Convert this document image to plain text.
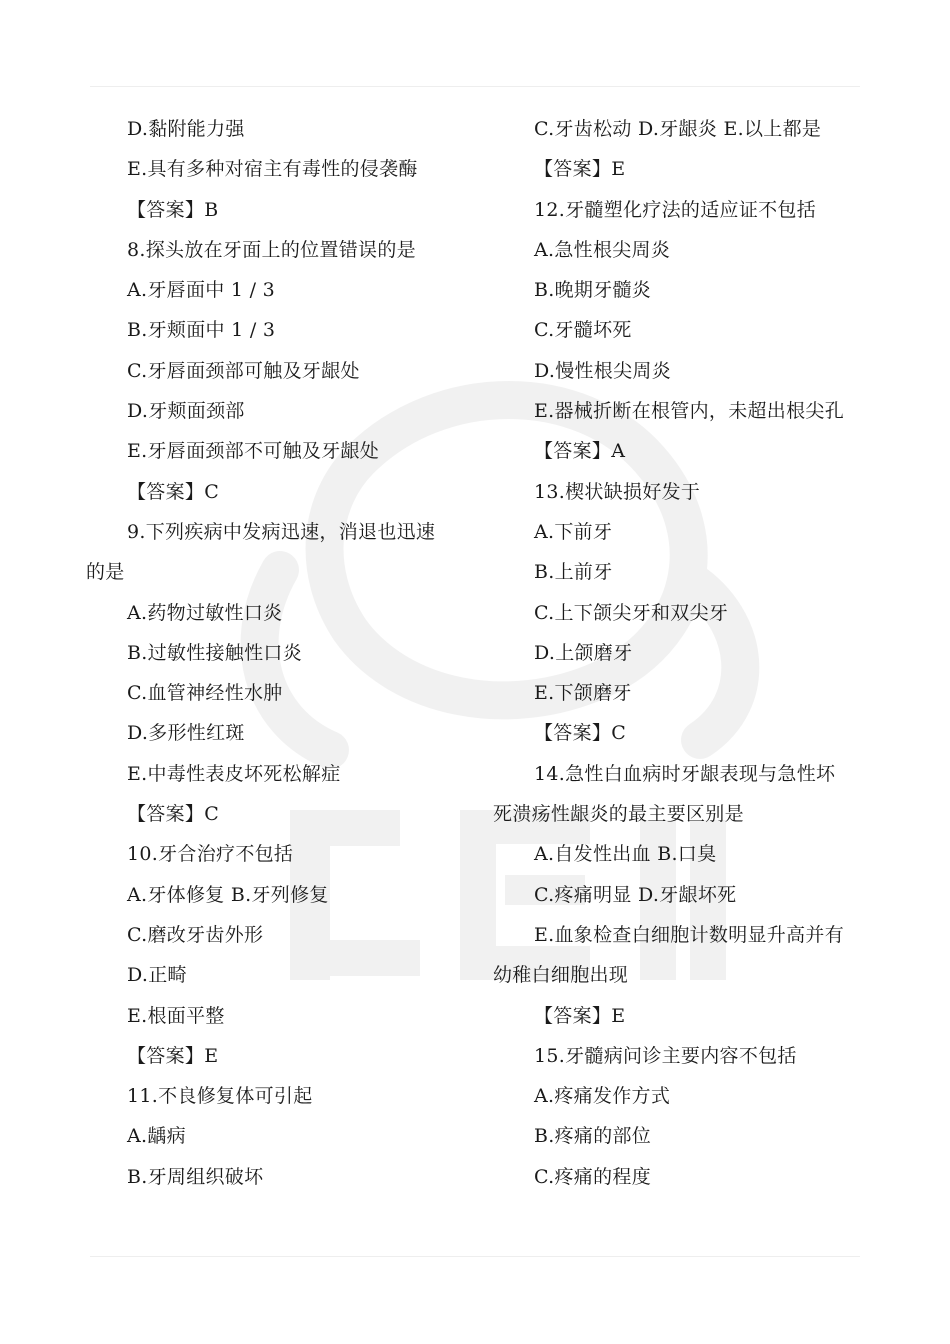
D.黏附能力强
E.具有多种对宿主有毒性的侵袭酶
【答案】B
8.探头放在牙面上的位置错误的是
A.牙唇面中 1 / 3
B.牙颊面中 1 / 3
C.牙唇面颈部可触及牙龈处
D.牙颊面颈部
E.牙唇面颈部不可触及牙龈处
【答案】C
9.下列疾病中发病迅速，消退也迅速
的是
A.药物过敏性口炎
B.过敏性接触性口炎
C.血管神经性水肿
D.多形性红斑
E.中毒性表皮坏死松解症
【答案】C
10.牙合治疗不包括
A.牙体修复 B.牙列修复
C.磨改牙齿外形
D.正畸
E.根面平整
【答案】E
11.不良修复体可引起
A.龋病
B.牙周组织破坏
C.牙齿松动 D.牙龈炎 E.以上都是
【答案】E
12.牙髓塑化疗法的适应证不包括
A.急性根尖周炎
B.晚期牙髓炎
C.牙髓坏死
D.慢性根尖周炎
E.器械折断在根管内，未超出根尖孔
【答案】A
13.楔状缺损好发于
A.下前牙
B.上前牙
C.上下颌尖牙和双尖牙
D.上颌磨牙
E.下颌磨牙
【答案】C
14.急性白血病时牙龈表现与急性坏
死溃疡性龈炎的最主要区别是
A.自发性出血 B.口臭
C.疼痛明显 D.牙龈坏死
E.血象检查白细胞计数明显升高并有
幼稚白细胞出现
【答案】E
15.牙髓病问诊主要内容不包括
A.疼痛发作方式
B.疼痛的部位
C.疼痛的程度
